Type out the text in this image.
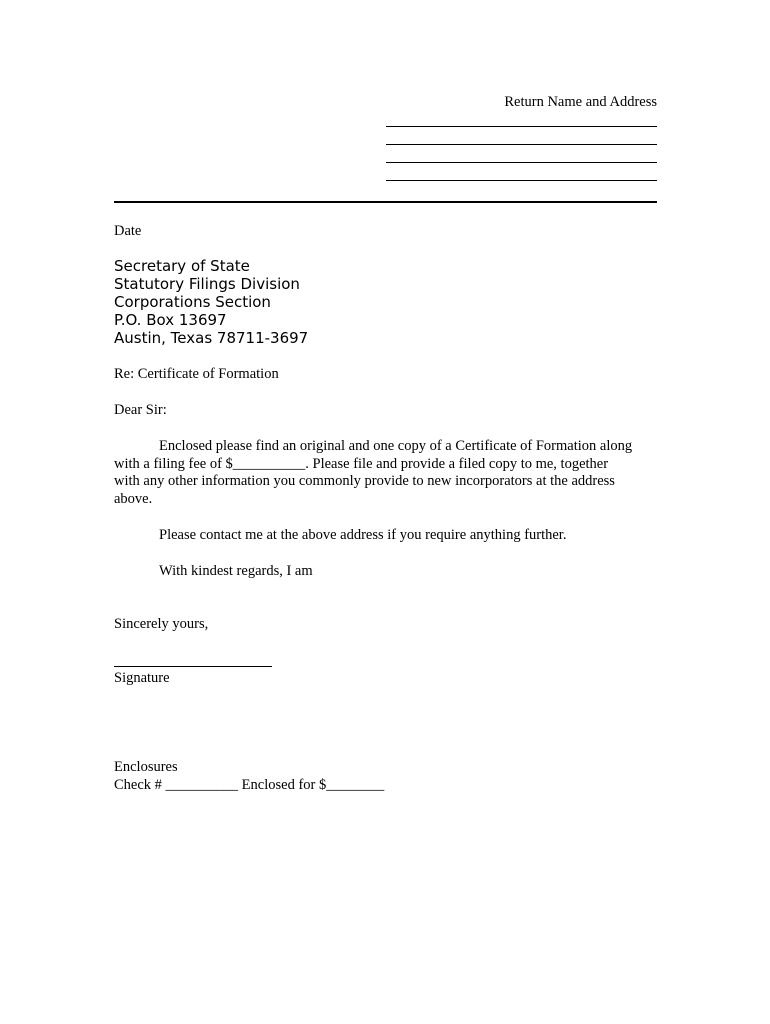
Return Name and Address
Date
Secretary of State
Statutory Filings Division
Corporations Section
P.O. Box 13697
Austin, Texas 78711-3697
Re: Certificate of Formation
Dear Sir:
Enclosed please find an original and one copy of a Certificate of Formation along
with a filing fee of $__________. Please file and provide a filed copy to me, together
with any other information you commonly provide to new incorporators at the address
above.
Please contact me at the above address if you require anything further.
With kindest regards, I am
Sincerely yours,
Signature
Enclosures
Check # __________ Enclosed for $________
